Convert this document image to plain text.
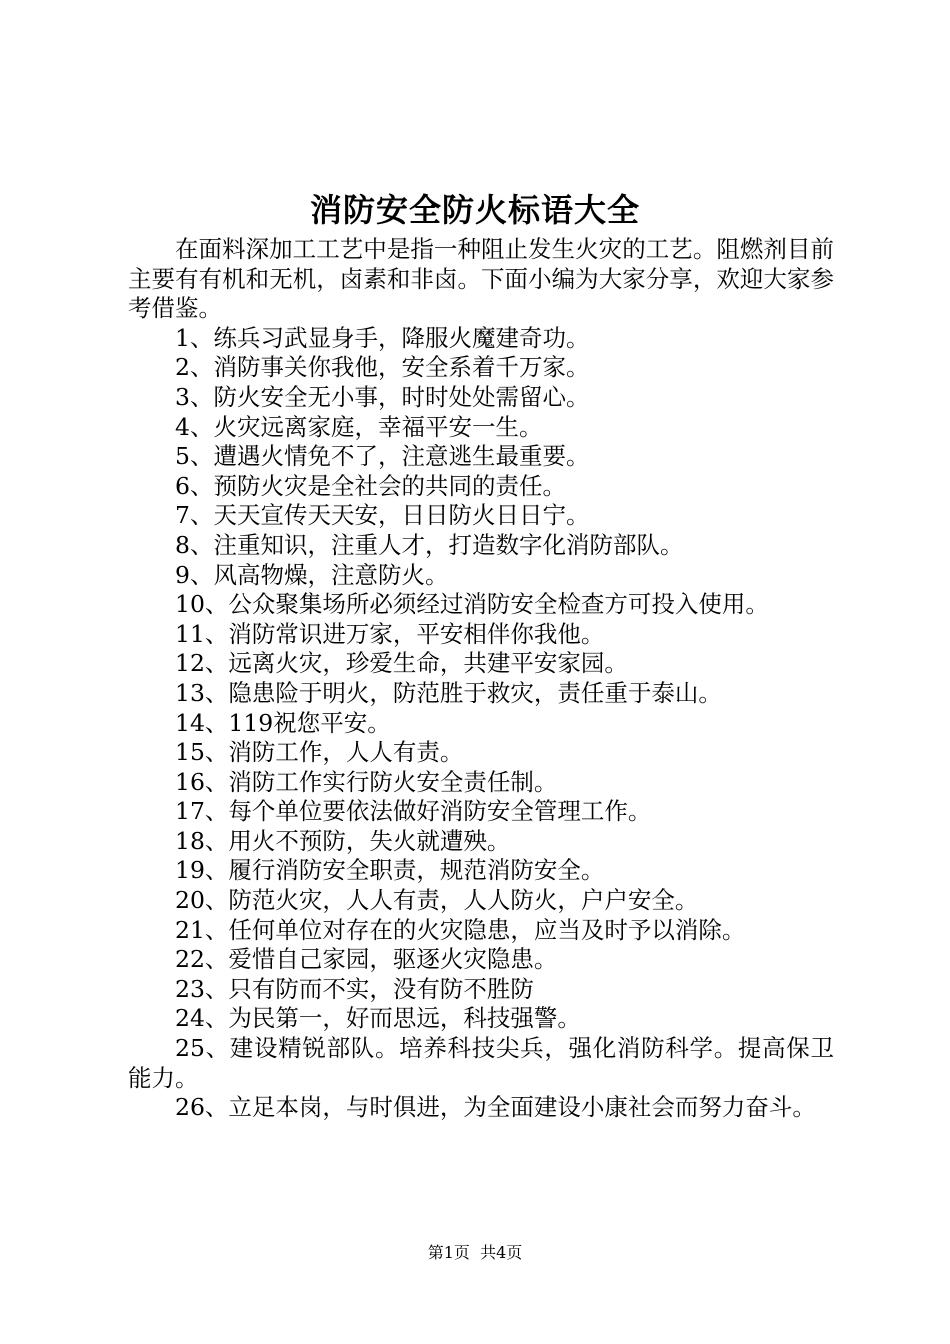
消防安全防火标语大全

在面料深加工工艺中是指一种阻止发生火灾的工艺。阻燃剂目前主要有有机和无机，卤素和非卤。下面小编为大家分享，欢迎大家参考借鉴。

1、练兵习武显身手，降服火魔建奇功。

2、消防事关你我他，安全系着千万家。

3、防火安全无小事，时时处处需留心。

4、火灾远离家庭，幸福平安一生。

5、遭遇火情免不了，注意逃生最重要。

6、预防火灾是全社会的共同的责任。

7、天天宣传天天安，日日防火日日宁。

8、注重知识，注重人才，打造数字化消防部队。

9、风高物燥，注意防火。

10、公众聚集场所必须经过消防安全检查方可投入使用。

11、消防常识进万家，平安相伴你我他。

12、远离火灾，珍爱生命，共建平安家园。

13、隐患险于明火，防范胜于救灾，责任重于泰山。

14、119祝您平安。

15、消防工作，人人有责。

16、消防工作实行防火安全责任制。

17、每个单位要依法做好消防安全管理工作。

18、用火不预防，失火就遭殃。

19、履行消防安全职责，规范消防安全。

20、防范火灾，人人有责，人人防火，户户安全。

21、任何单位对存在的火灾隐患，应当及时予以消除。

22、爱惜自己家园，驱逐火灾隐患。

23、只有防而不实，没有防不胜防

24、为民第一，好而思远，科技强警。

25、建设精锐部队。培养科技尖兵，强化消防科学。提高保卫能力。

26、立足本岗，与时俱进，为全面建设小康社会而努力奋斗。

第1页 共4页
